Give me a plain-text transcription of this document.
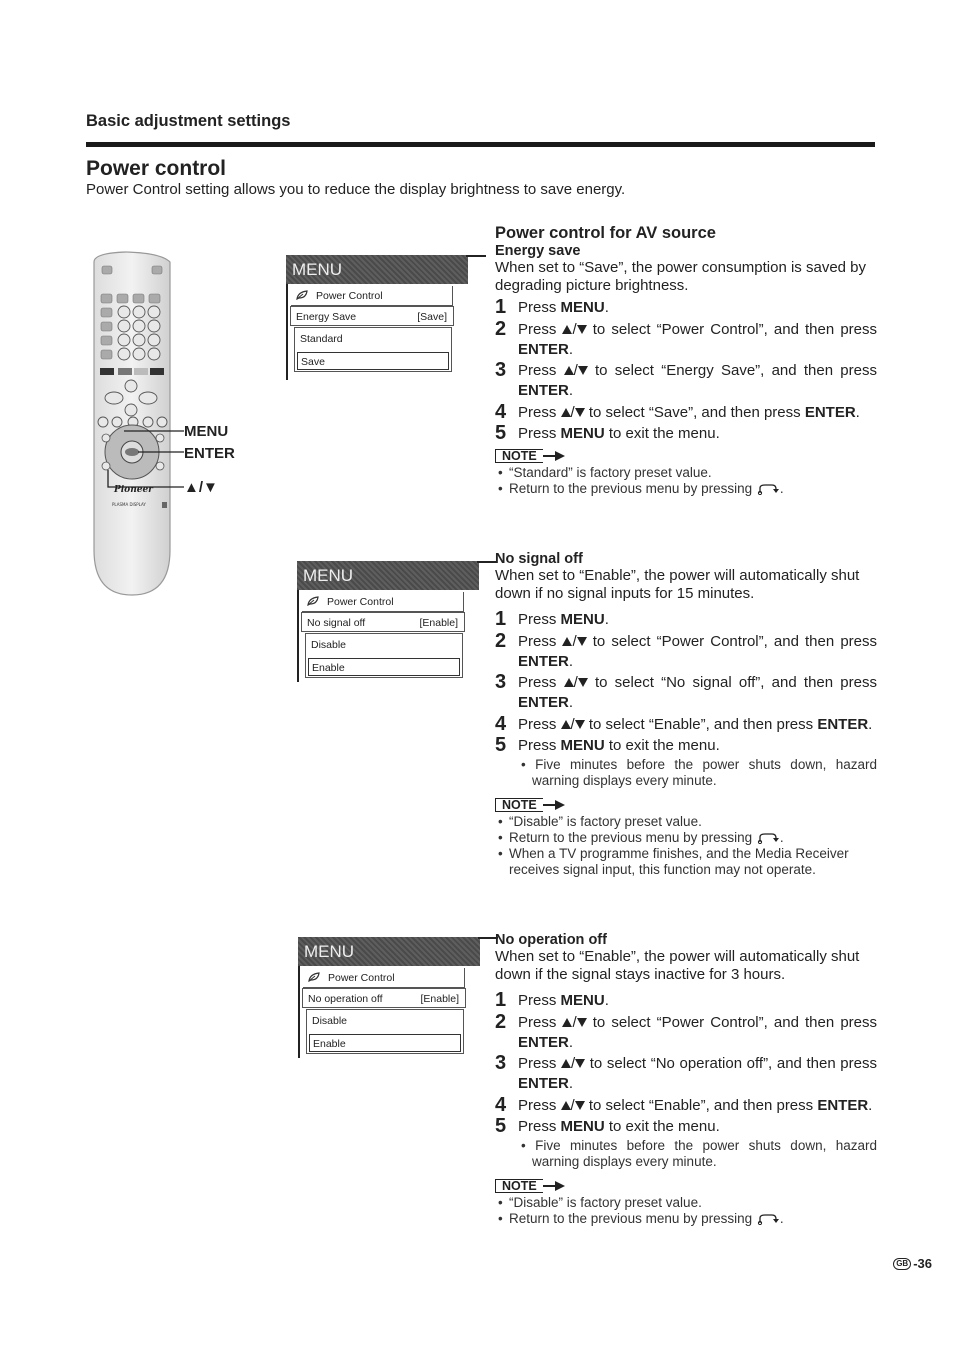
Basic adjustment settings
Power control
Power Control setting allows you to reduce the display brightness to save energy.
Pioneer
PLASMA DISPLAY
MENU
ENTER
▲/▼
MENU
Power Control
Energy Save	[Save]
Standard
Save
MENU
Power Control
No signal off	[Enable]
Disable
Enable
MENU
Power Control
No operation off	[Enable]
Disable
Enable
Power control for AV source
Energy save

When set to “Save”, the power consumption is saved by degrading picture brightness.

1 Press MENU.
2 Press / to select “Power Control”, and then press ENTER.
3 Press / to select “Energy Save”, and then press ENTER.
4 Press / to select “Save”, and then press ENTER.
5 Press MENU to exit the menu.
NOTE
• “Standard” is factory preset value.
• Return to the previous menu by pressing .
No signal off

When set to “Enable”, the power will automatically shut down if no signal inputs for 15 minutes.

1 Press MENU.
2 Press / to select “Power Control”, and then press ENTER.
3 Press / to select “No signal off”, and then press ENTER.
4 Press / to select “Enable”, and then press ENTER.
5 Press MENU to exit the menu.
• Five minutes before the power shuts down, hazard warning displays every minute.
NOTE
• “Disable” is factory preset value.
• Return to the previous menu by pressing .
• When a TV programme finishes, and the Media Receiver receives signal input, this function may not operate.
No operation off

When set to “Enable”, the power will automatically shut down if the signal stays inactive for 3 hours.

1 Press MENU.
2 Press / to select “Power Control”, and then press ENTER.
3 Press / to select “No operation off”, and then press ENTER.
4 Press / to select “Enable”, and then press ENTER.
5 Press MENU to exit the menu.
• Five minutes before the power shuts down, hazard warning displays every minute.
NOTE
• “Disable” is factory preset value.
• Return to the previous menu by pressing .
GB -36
